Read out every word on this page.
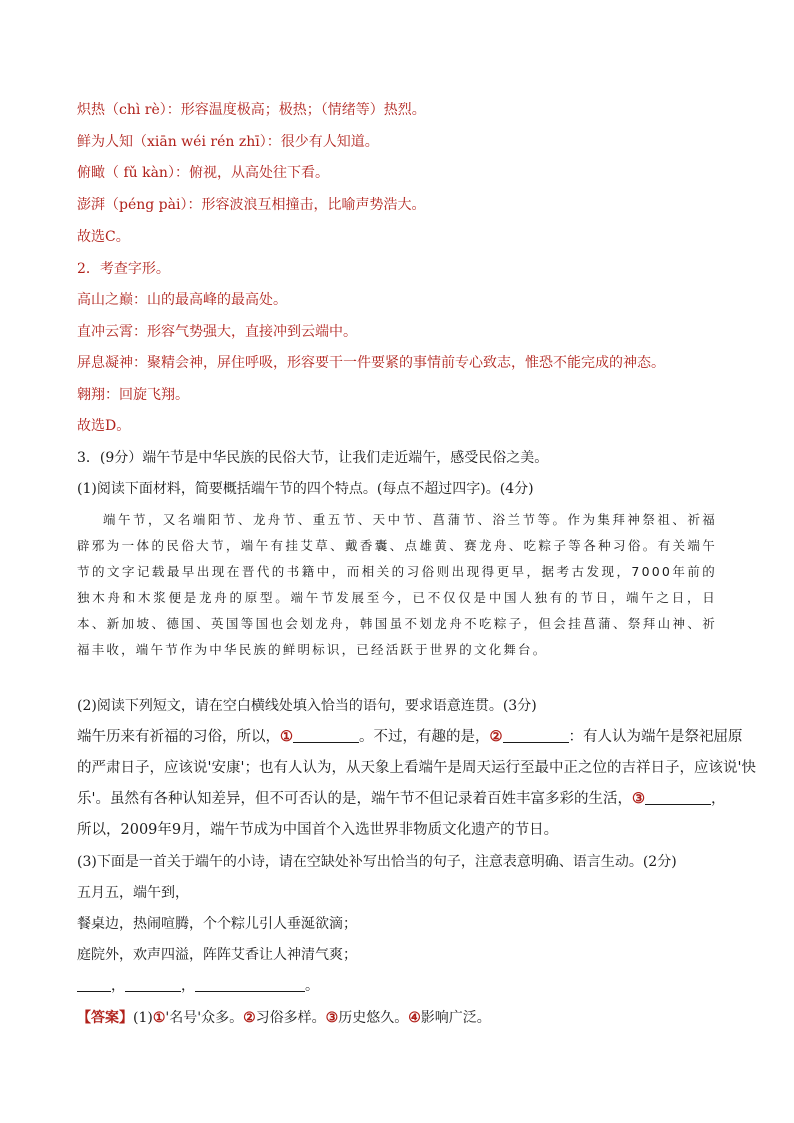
炽热（chì rè）：形容温度极高；极热；（情绪等）热烈。
鲜为人知（xiān wéi rén zhī）：很少有人知道。
俯瞰（ fǔ kàn）：俯视，从高处往下看。
澎湃（péng pài）：形容波浪互相撞击，比喻声势浩大。
故选C。
2．考查字形。
高山之巅：山的最高峰的最高处。
直冲云霄：形容气势强大，直接冲到云端中。
屏息凝神：聚精会神，屏住呼吸，形容要干一件要紧的事情前专心致志，惟恐不能完成的神态。
翱翔：回旋飞翔。
故选D。
3．(9分）端午节是中华民族的民俗大节，让我们走近端午，感受民俗之美。
(1)阅读下面材料，简要概括端午节的四个特点。(每点不超过四字)。(4分)
端午节，又名端阳节、龙舟节、重五节、天中节、菖蒲节、浴兰节等。作为集拜神祭祖、祈福辟邪为一体的民俗大节，端午有挂艾草、戴香囊、点雄黄、赛龙舟、吃粽子等各种习俗。有关端午节的文字记载最早出现在晋代的书籍中，而相关的习俗则出现得更早，据考古发现，7000年前的独木舟和木浆便是龙舟的原型。端午节发展至今，已不仅仅是中国人独有的节日，端午之日，日本、新加坡、德国、英国等国也会划龙舟，韩国虽不划龙舟不吃粽子，但会挂菖蒲、祭拜山神、祈福丰收，端午节作为中华民族的鲜明标识，已经活跃于世界的文化舞台。
(2)阅读下列短文，请在空白横线处填入恰当的语句，要求语意连贯。(3分)
端午历来有祈福的习俗，所以，①	。不过，有趣的是，②	：有人认为端午是祭祀屈原
的严肃日子，应该说'安康'；也有人认为，从天象上看端午是周天运行至最中正之位的吉祥日子，应该说'快
乐'。虽然有各种认知差异，但不可否认的是，端午节不但记录着百姓丰富多彩的生活，③	，
所以，2009年9月，端午节成为中国首个入选世界非物质文化遗产的节日。
(3)下面是一首关于端午的小诗，请在空缺处补写出恰当的句子，注意表意明确、语言生动。(2分)
五月五，端午到，
餐桌边，热闹喧腾，个个粽儿引人垂涎欲滴；
庭院外，欢声四溢，阵阵艾香让人神清气爽；
，	，	。
【答案】(1)①'名号'众多。②习俗多样。③历史悠久。④影响广泛。
